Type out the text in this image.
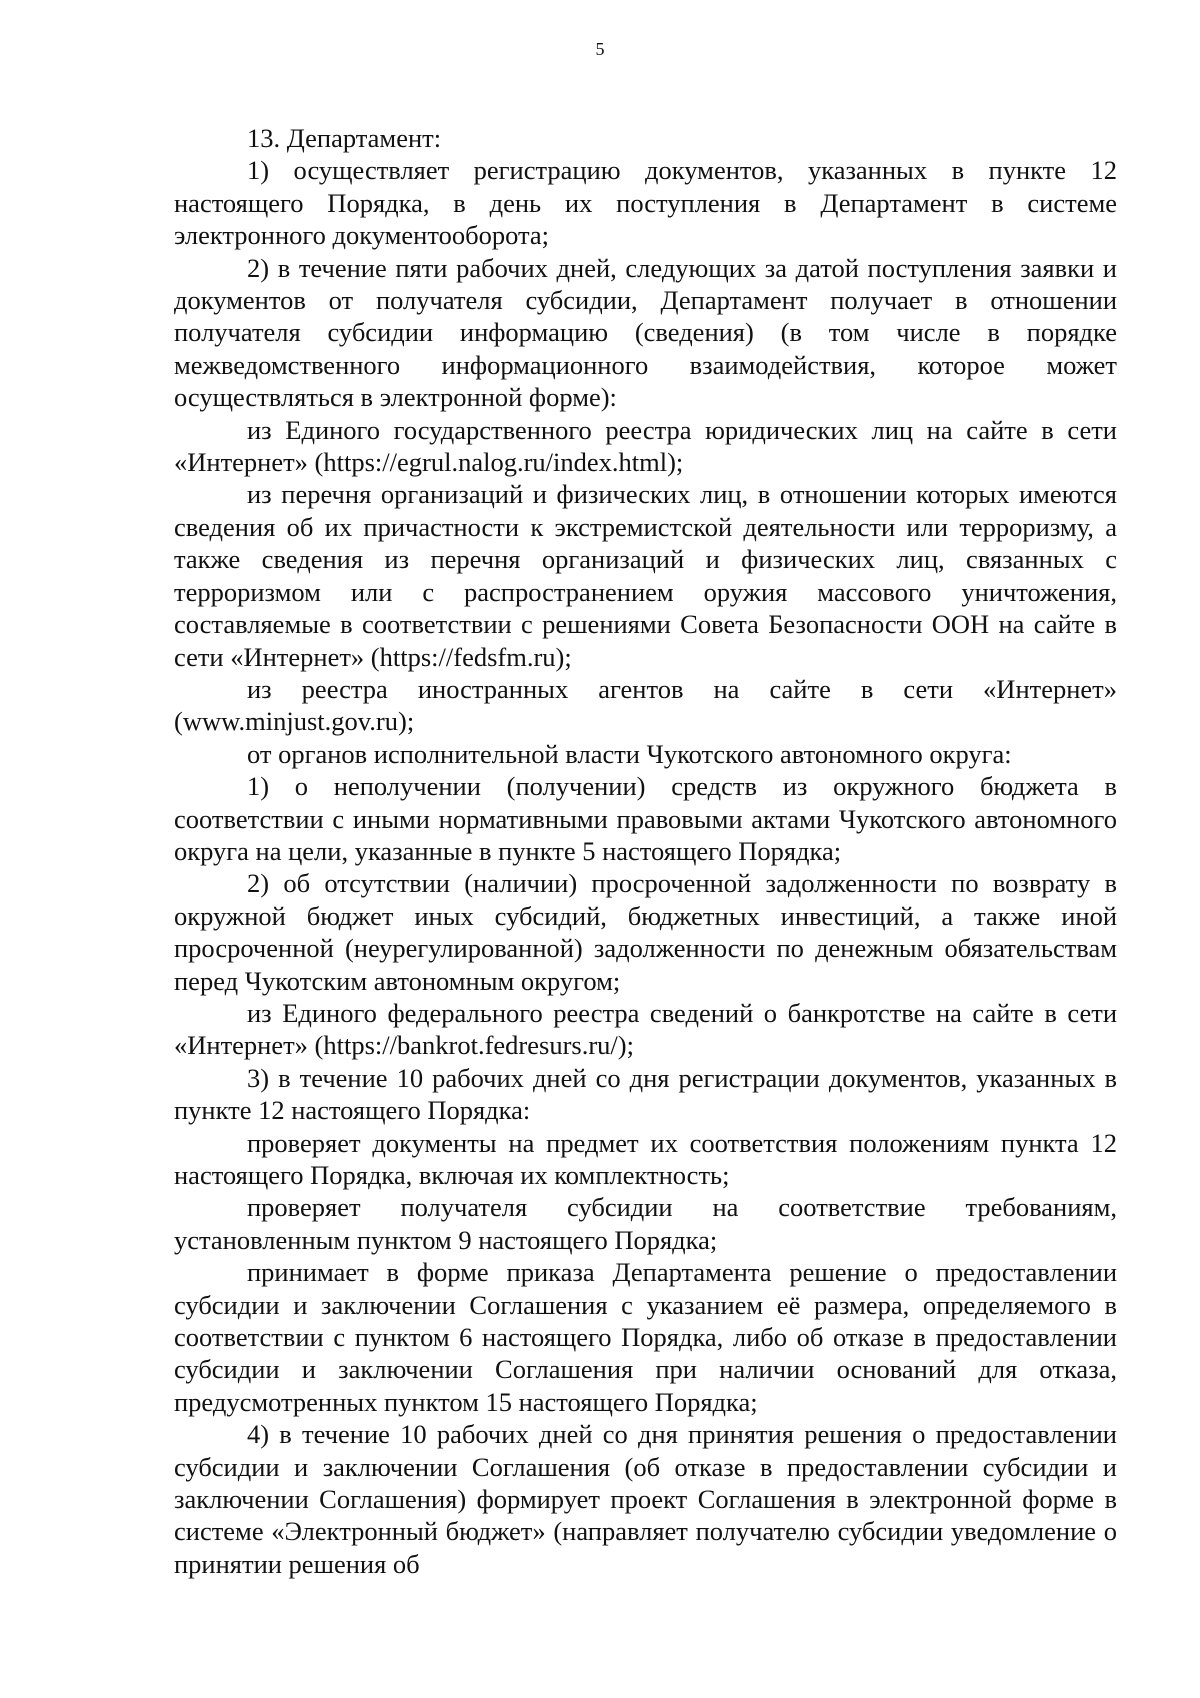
5

13. Департамент:

1) осуществляет регистрацию документов, указанных в пункте 12 настоящего Порядка, в день их поступления в Департамент в системе электронного документооборота;

2) в течение пяти рабочих дней, следующих за датой поступления заявки и документов от получателя субсидии, Департамент получает в отношении получателя субсидии информацию (сведения) (в том числе в порядке межведомственного информационного взаимодействия, которое может осуществляться в электронной форме):

из Единого государственного реестра юридических лиц на сайте в сети «Интернет» (https://egrul.nalog.ru/index.html);

из перечня организаций и физических лиц, в отношении которых имеются сведения об их причастности к экстремистской деятельности или терроризму, а также сведения из перечня организаций и физических лиц, связанных с терроризмом или с распространением оружия массового уничтожения, составляемые в соответствии с решениями Совета Безопасности ООН на сайте в сети «Интернет» (https://fedsfm.ru);

из реестра иностранных агентов на сайте в сети «Интернет» (www.minjust.gov.ru);

от органов исполнительной власти Чукотского автономного округа:

1) о неполучении (получении) средств из окружного бюджета в соответствии с иными нормативными правовыми актами Чукотского автономного округа на цели, указанные в пункте 5 настоящего Порядка;

2) об отсутствии (наличии) просроченной задолженности по возврату в окружной бюджет иных субсидий, бюджетных инвестиций, а также иной просроченной (неурегулированной) задолженности по денежным обязательствам перед Чукотским автономным округом;

из Единого федерального реестра сведений о банкротстве на сайте в сети «Интернет» (https://bankrot.fedresurs.ru/);

3) в течение 10 рабочих дней со дня регистрации документов, указанных в пункте 12 настоящего Порядка:

проверяет документы на предмет их соответствия положениям пункта 12 настоящего Порядка, включая их комплектность;

проверяет получателя субсидии на соответствие требованиям, установленным пунктом 9 настоящего Порядка;

принимает в форме приказа Департамента решение о предоставлении субсидии и заключении Соглашения с указанием её размера, определяемого в соответствии с пунктом 6 настоящего Порядка, либо об отказе в предоставлении субсидии и заключении Соглашения при наличии оснований для отказа, предусмотренных пунктом 15 настоящего Порядка;

4) в течение 10 рабочих дней со дня принятия решения о предоставлении субсидии и заключении Соглашения (об отказе в предоставлении субсидии и заключении Соглашения) формирует проект Соглашения в электронной форме в системе «Электронный бюджет» (направляет получателю субсидии уведомление о принятии решения об
